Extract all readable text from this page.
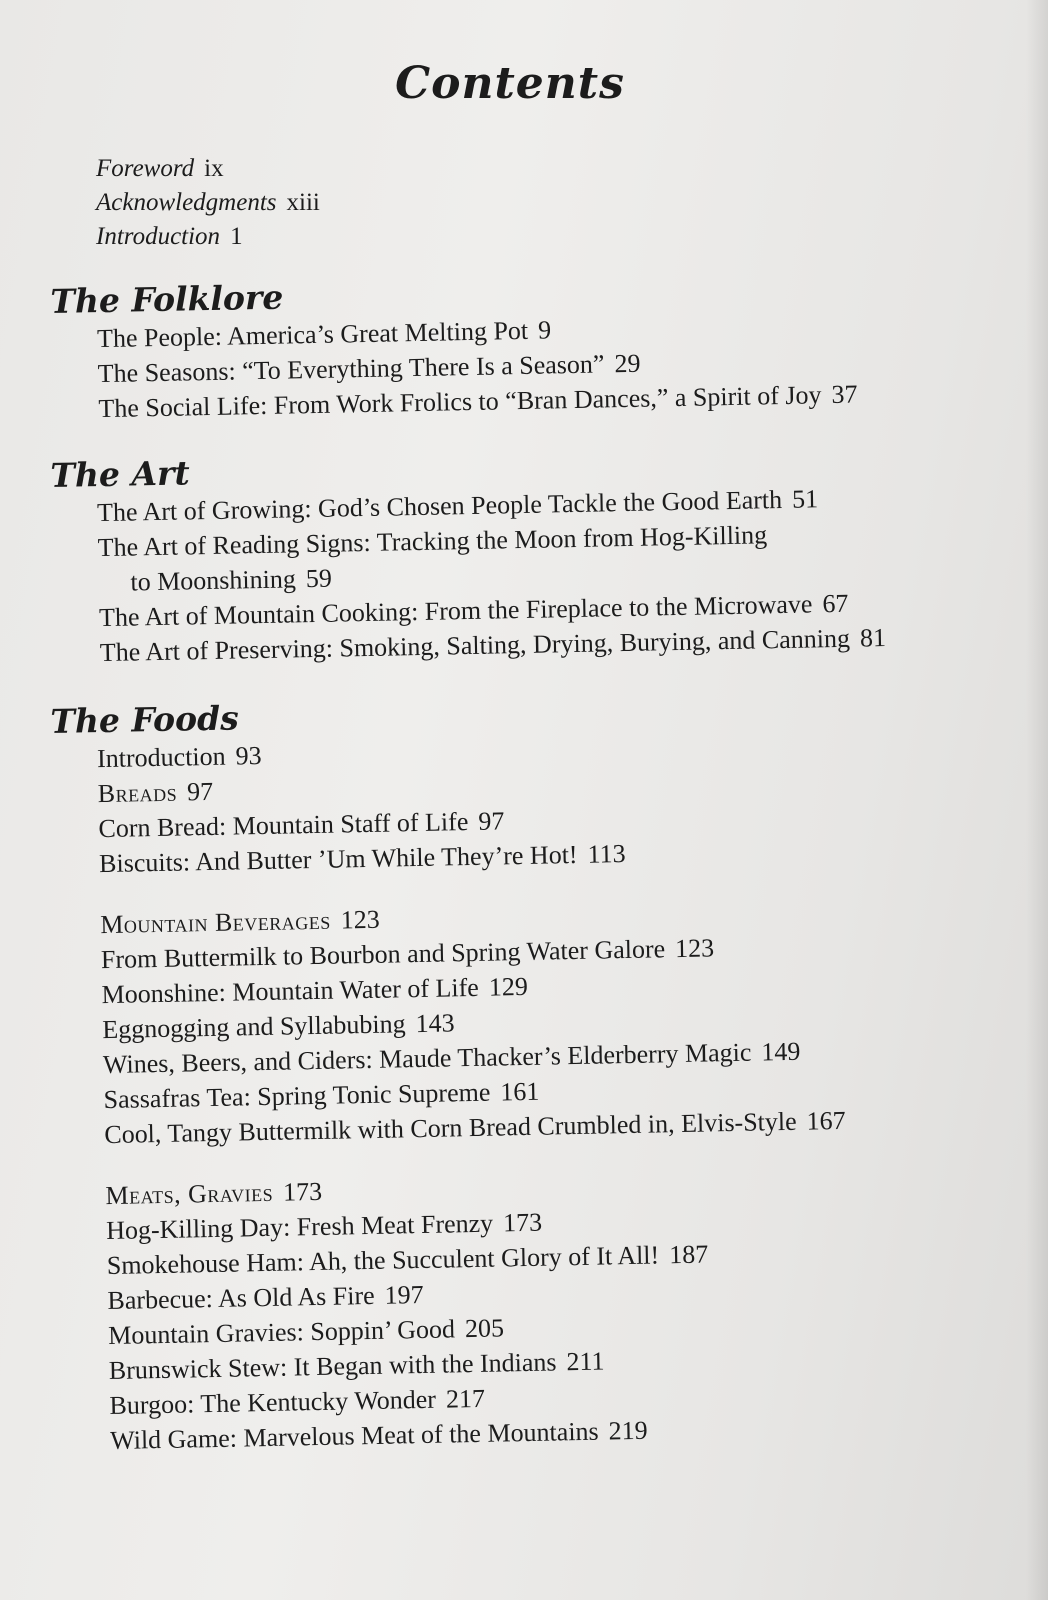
Contents
Foreword ix
Acknowledgments xiii
Introduction 1
The Folklore
The People: America’s Great Melting Pot 9
The Seasons: “To Everything There Is a Season” 29
The Social Life: From Work Frolics to “Bran Dances,” a Spirit of Joy 37
The Art
The Art of Growing: God’s Chosen People Tackle the Good Earth 51
The Art of Reading Signs: Tracking the Moon from Hog-Killing
to Moonshining 59
The Art of Mountain Cooking: From the Fireplace to the Microwave 67
The Art of Preserving: Smoking, Salting, Drying, Burying, and Canning 81
The Foods
Introduction 93
Breads 97
Corn Bread: Mountain Staff of Life 97
Biscuits: And Butter ’Um While They’re Hot! 113
Mountain Beverages 123
From Buttermilk to Bourbon and Spring Water Galore 123
Moonshine: Mountain Water of Life 129
Eggnogging and Syllabubing 143
Wines, Beers, and Ciders: Maude Thacker’s Elderberry Magic 149
Sassafras Tea: Spring Tonic Supreme 161
Cool, Tangy Buttermilk with Corn Bread Crumbled in, Elvis-Style 167
Meats, Gravies 173
Hog-Killing Day: Fresh Meat Frenzy 173
Smokehouse Ham: Ah, the Succulent Glory of It All! 187
Barbecue: As Old As Fire 197
Mountain Gravies: Soppin’ Good 205
Brunswick Stew: It Began with the Indians 211
Burgoo: The Kentucky Wonder 217
Wild Game: Marvelous Meat of the Mountains 219
